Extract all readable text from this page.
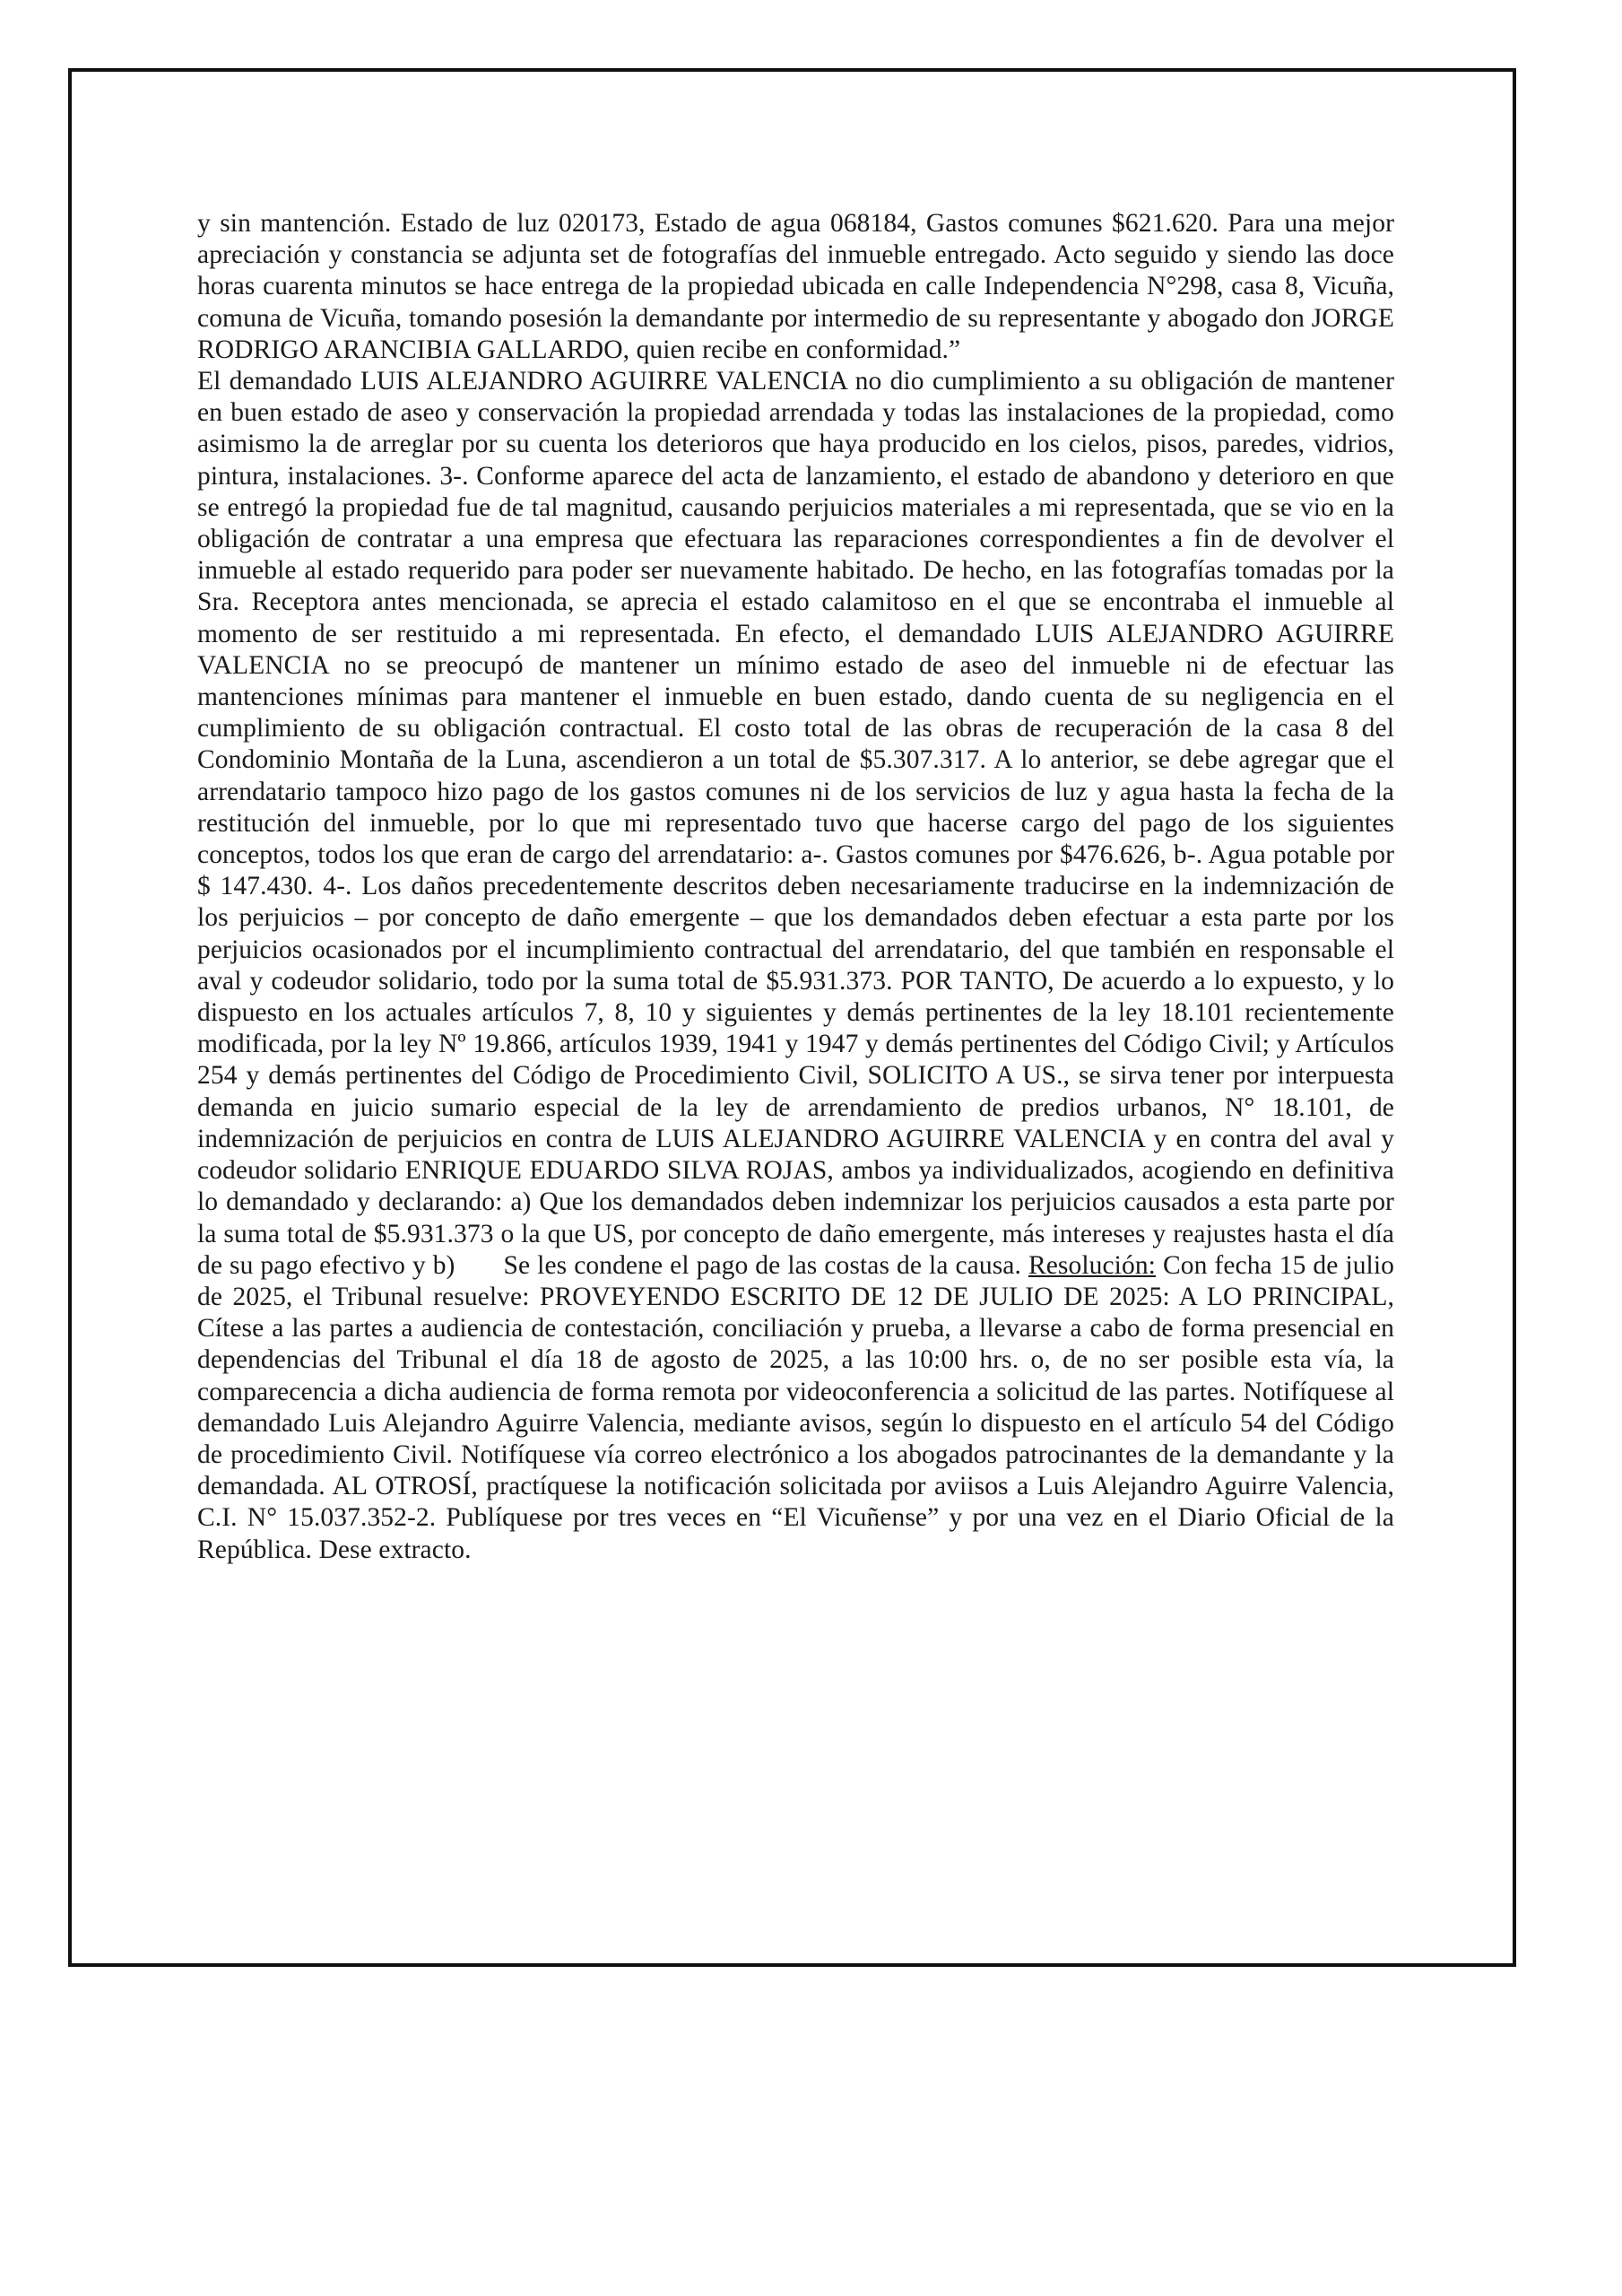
y sin mantención. Estado de luz 020173, Estado de agua 068184, Gastos comunes $621.620. Para una mejor apreciación y constancia se adjunta set de fotografías del inmueble entregado. Acto seguido y siendo las doce horas cuarenta minutos se hace entrega de la propiedad ubicada en calle Independencia N°298, casa 8, Vicuña, comuna de Vicuña, tomando posesión la demandante por intermedio de su representante y abogado don JORGE RODRIGO ARANCIBIA GALLARDO, quien recibe en conformidad.”

El demandado LUIS ALEJANDRO AGUIRRE VALENCIA no dio cumplimiento a su obligación de mantener en buen estado de aseo y conservación la propiedad arrendada y todas las instalaciones de la propiedad, como asimismo la de arreglar por su cuenta los deterioros que haya producido en los cielos, pisos, paredes, vidrios, pintura, instalaciones. 3-. Conforme aparece del acta de lanzamiento, el estado de abandono y deterioro en que se entregó la propiedad fue de tal magnitud, causando perjuicios materiales a mi representada, que se vio en la obligación de contratar a una empresa que efectuara las reparaciones correspondientes a fin de devolver el inmueble al estado requerido para poder ser nuevamente habitado. De hecho, en las fotografías tomadas por la Sra. Receptora antes mencionada, se aprecia el estado calamitoso en el que se encontraba el inmueble al momento de ser restituido a mi representada. En efecto, el demandado LUIS ALEJANDRO AGUIRRE VALENCIA no se preocupó de mantener un mínimo estado de aseo del inmueble ni de efectuar las mantenciones mínimas para mantener el inmueble en buen estado, dando cuenta de su negligencia en el cumplimiento de su obligación contractual. El costo total de las obras de recuperación de la casa 8 del Condominio Montaña de la Luna, ascendieron a un total de $5.307.317. A lo anterior, se debe agregar que el arrendatario tampoco hizo pago de los gastos comunes ni de los servicios de luz y agua hasta la fecha de la restitución del inmueble, por lo que mi representado tuvo que hacerse cargo del pago de los siguientes conceptos, todos los que eran de cargo del arrendatario: a-. Gastos comunes por $476.626, b-. Agua potable por $ 147.430. 4-. Los daños precedentemente descritos deben necesariamente traducirse en la indemnización de los perjuicios – por concepto de daño emergente – que los demandados deben efectuar a esta parte por los perjuicios ocasionados por el incumplimiento contractual del arrendatario, del que también en responsable el aval y codeudor solidario, todo por la suma total de $5.931.373. POR TANTO, De acuerdo a lo expuesto, y lo dispuesto en los actuales artículos 7, 8, 10 y siguientes y demás pertinentes de la ley 18.101 recientemente modificada, por la ley Nº 19.866, artículos 1939, 1941 y 1947 y demás pertinentes del Código Civil; y Artículos 254 y demás pertinentes del Código de Procedimiento Civil, SOLICITO A US., se sirva tener por interpuesta demanda en juicio sumario especial de la ley de arrendamiento de predios urbanos, N° 18.101, de indemnización de perjuicios en contra de LUIS ALEJANDRO AGUIRRE VALENCIA y en contra del aval y codeudor solidario ENRIQUE EDUARDO SILVA ROJAS, ambos ya individualizados, acogiendo en definitiva lo demandado y declarando: a) Que los demandados deben indemnizar los perjuicios causados a esta parte por la suma total de $5.931.373 o la que US, por concepto de daño emergente, más intereses y reajustes hasta el día de su pago efectivo y b) Se les condene el pago de las costas de la causa. Resolución: Con fecha 15 de julio de 2025, el Tribunal resuelve: PROVEYENDO ESCRITO DE 12 DE JULIO DE 2025: A LO PRINCIPAL, Cítese a las partes a audiencia de contestación, conciliación y prueba, a llevarse a cabo de forma presencial en dependencias del Tribunal el día 18 de agosto de 2025, a las 10:00 hrs. o, de no ser posible esta vía, la comparecencia a dicha audiencia de forma remota por videoconferencia a solicitud de las partes. Notifíquese al demandado Luis Alejandro Aguirre Valencia, mediante avisos, según lo dispuesto en el artículo 54 del Código de procedimiento Civil. Notifíquese vía correo electrónico a los abogados patrocinantes de la demandante y la demandada. AL OTROSÍ, practíquese la notificación solicitada por aviisos a Luis Alejandro Aguirre Valencia, C.I. N° 15.037.352-2. Publíquese por tres veces en “El Vicuñense” y por una vez en el Diario Oficial de la República. Dese extracto.
